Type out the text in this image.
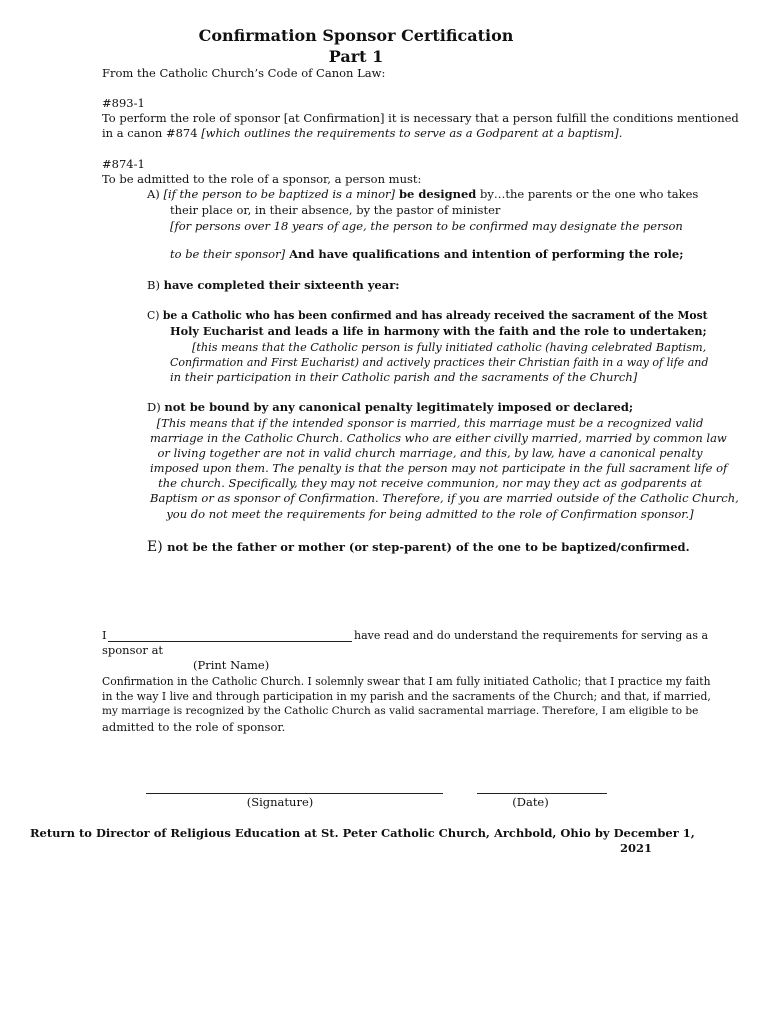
Confirmation Sponsor Certification
Part 1
From the Catholic Church’s Code of Canon Law:
#893-1
To perform the role of sponsor [at Confirmation] it is necessary that a person fulfill the conditions mentioned
in a canon #874 [which outlines the requirements to serve as a Godparent at a baptism].
#874-1
To be admitted to the role of a sponsor, a person must:
A) [if the person to be baptized is a minor] be designed by…the parents or the one who takes
their place or, in their absence, by the pastor of minister
[for persons over 18 years of age, the person to be confirmed may designate the person
to be their sponsor] And have qualifications and intention of performing the role;
B) have completed their sixteenth year:
C) be a Catholic who has been confirmed and has already received the sacrament of the Most
Holy Eucharist and leads a life in harmony with the faith and the role to undertaken;
[this means that the Catholic person is fully initiated catholic (having celebrated Baptism,
Confirmation and First Eucharist) and actively practices their Christian faith in a way of life and
in their participation in their Catholic parish and the sacraments of the Church]
D) not be bound by any canonical penalty legitimately imposed or declared;
[This means that if the intended sponsor is married, this marriage must be a recognized valid
marriage in the Catholic Church. Catholics who are either civilly married, married by common law
or living together are not in valid church marriage, and this, by law, have a canonical penalty
imposed upon them. The penalty is that the person may not participate in the full sacrament life of
the church. Specifically, they may not receive communion, nor may they act as godparents at
Baptism or as sponsor of Confirmation. Therefore, if you are married outside of the Catholic Church,
you do not meet the requirements for being admitted to the role of Confirmation sponsor.]
E) not be the father or mother (or step-parent) of the one to be baptized/confirmed.
I	have read and do understand the requirements for serving as a
sponsor at
(Print Name)
Confirmation in the Catholic Church. I solemnly swear that I am fully initiated Catholic; that I practice my faith
in the way I live and through participation in my parish and the sacraments of the Church; and that, if married,
my marriage is recognized by the Catholic Church as valid sacramental marriage. Therefore, I am eligible to be
admitted to the role of sponsor.
(Signature)	(Date)
Return to Director of Religious Education at St. Peter Catholic Church, Archbold, Ohio by December 1,
2021
